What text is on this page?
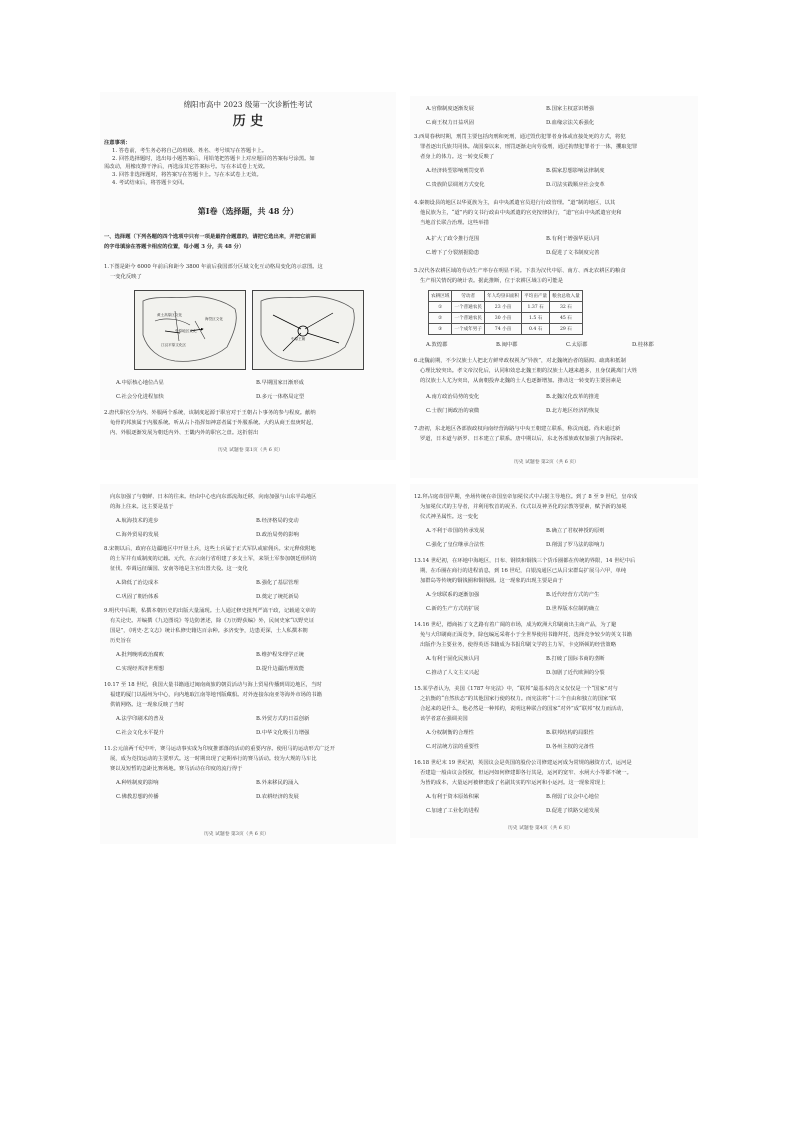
绵阳市高中 2023 级第一次诊断性考试
历 史
注意事项：
1. 答卷前，考生务必将自己的班级、姓名、考号填写在答题卡上。
2. 回答选择题时，选出每小题答案后，用铅笔把答题卡上对应题目的答案标号涂黑。如
需改动，用橡皮擦干净后，再选涂其它答案标号。写在本试卷上无效。
3. 回答非选择题时，将答案写在答题卡上。写在本试卷上无效。
4. 考试结束后，将答题卡交回。
第Ⅰ卷（选择题，共 48 分）
一、选择题（下列各题的四个选项中只有一项是最符合题意的，请把它选出来，并把它前面
的字母填涂在答题卡相应的位置，每小题 3 分，共 48 分）
1.下图是距今 6000 年前后和距今 3800 年前后我国部分区域文化互动格局变化的示意图。这
一变化反映了
黄土高原区文化
中原地区文化
海岱区文化
江汉平原文化区
中原王朝
A.中原核心地位凸显	B.早期国家日渐形成
C.社会分化进程加快	D.多元一体格局定型
2.唐代职官分为内、外服两个系统，该制度起源于职官对于王朝占卜事务的参与程度。献纳
龟骨的邦族属于内服系统。听从占卜指挥知神意者属于外服系统。大约从商王盘庚时起，
内、外服逐渐发展为朝廷内外、王畿内外的职官之盘。这折射出
历史 试题卷 第1页（共 6 页）
A.官僚制度逐渐发展	B.国家主权意识增强
C.商王权力日益巩固	D.血缘宗法关系强化
3.西周春秋时期，刑罚主要包括肉刑和死刑，通过毁伤犯罪者身体或直接处死的方式，将犯
罪者逐出氏族共同体。战国秦以来，刑罚逐渐走向劳役刑，通过拘禁犯罪者于一体，攫取犯罪
者身上的体力。这一转变反映了
A.经济转型影响刑罚变革	B.儒家思想影响法律制度
C.贵族阶层调剂方式变化	D.司法实践顺应社会变革
4.秦朝设县的地区以华夏族为主，由中央派遣官员进行行政管理。“道”制的地区，以其
他民族为主，“道”内的文书行政由中央派遣的官吏按律执行，“道”官由中央派遣官吏和
当地首长联合治理。这些举措
A.扩大了政令推行范围	B.有利于增强华夏认同
C.增下了分裂割据隐患	D.促进了文书制度完善
5.汉代各农耕区域的劳动生产率存在明显不同。下表为汉代中原、南方、西北农耕区的粮食
生产相关情况的统计表。据此推断，位于农耕区域③的可能是
农耕区域	劳动者	年人均垦田面积	平均亩产量	粮食总收入量
①	一个普通农民	23 小亩	1.37 石	32 石
②	一个普通农民	30 小亩	1.5 石	45 石
③	一个成年男子	74 小亩	0.4 石	29 石
A.敦煌郡	B.闽中郡	C.太原郡	D.桂林郡
6.北魏前期，不少汉族士人把北方鲜卑政权视为“异族”，对北魏统治者的隔阂、疏离和抵制
心理比较突出。孝文帝汉化后，认同和效忠北魏王朝的汉族士人越来越多，且身仅跳离门大姓
的汉族士人尤为突出，从南朝投奔北魏的士人也逐渐增加。推动这一转变的主要因素是
A.南方政治局势的变化	B.北魏汉化改革的推进
C.士族门阀政治的衰微	D.北方地区经济的恢复
7.唐初，东北地区各部族政权向南经营海路与中央王朝建立联系，称贡而道。尚未通过新
罗道，日本道与新罗、日本建立了联系。唐中期以后，东北各部族政权加强了内海探索。
历史 试题卷 第2页（共 6 页）
向东加强了与朝鲜、日本的往来。经由中心也向东部流海迁移，向南加强与山东半岛地区
的海上往来。这主要是基于
A.航海技术的进步	B.经济格局的变动
C.海外贸易的发展	D.政治局势的影响
8.宋朝以后，政府在边疆地区中开垦土兵，这些土兵属于正式军队或雇佣兵。宋元释依附地
的土军并有成制度的记载。元代，在云南行省组建了多支土军，来领土军参加朝廷组织的
征伐、奉调远征缅国、安南等地是主官出置夫役。这一变化
A.降低了治边成本	B.强化了基层管理
C.巩固了朝治体系	D.奠定了统托新局
9.明代中后期，私撰本朝历史的出版大量涌现。士人通过修史批判严嵩干政，记载通文章的
有关论史。并编撰《九边图说》等边防著述，除《万历野获编》外，民间史家“以野史证
国是”，《明史·艺文志》统计私修史籍达百余种。多济变争，边患更深，士人私撰本朝
历史旨在
A.批判晚明政治腐败	B.维护程朱理学正统
C.实现经邦济世理想	D.提升边疆治理效能
10.17 至 18 世纪，我国大量书籍通过闽南商旅的朝贡活动与海上贸易传播到周边地区，当时
福建的厦门以福州为中心，向内地取江南等地刊版藏船。对外连接东南亚等海外市场的书籍
供销网络。这一现象反映了当时
A.法学印刷术的普及	B.外贸方式的日益创新
C.社会文化水平提升	D.中华文化吸引力增强
11.公元前两千纪中叶，赛马运动事实成为印度推部落的活动的重要内容。使用马的运动形式广泛开
展，成为竞技运动的主要形式。这一时期出现了定期举行的赛马活动。较为大规的马车比
赛以及短暂的急距比赛场地。赛马活动在印度的流行得于
A.种姓制度的影响	B.外来移民的涌入
C.佛教思想的传播	D.农耕经济的发展
历史 试题卷 第3页（共 6 页）
12.拜占庭帝国早期，坐场传统在帝国皇帝加冕仪式中占据主导地位。到了 8 至 9 世纪，皇帝成
为加冕仪式的主导者，并利用牧首的祝圣、仪式以及神圣化的宗教等要素，赋予新的加冕
仪式神圣属性。这一变化
A.不利于帝国的传承发展	B.确立了君权神授的原则
C.强化了皇位继承合法性	D.削弱了罗马法的影响力
13.14 世纪初，在环地中海地区，日布、钢铁和铜钱三个货币圈都在传统的界限，14 世纪中后
期，在币圈在商行的进程消息，到 16 世纪，白银流通区已从吕宋群岛扩展马六甲，单纯
加群岛等传统的铜钱圈和铜钱圈。这一现象的出现主要是由于
A.全球联系的逐渐加强	B.近代经营方式的产生
C.新的生产方式的扩展	D.世界版本位制的确立
14.16 世纪，德商拓了文艺路有着广阔的市场，成为欧洲大印刷商出主商产品，为了避
免与大印刷商正面竞争，除包编远采将小于全世界使用书籍拜托，选择竞争较少的英文书籍
出版作为主要业务，使得英语书籍成为书报印刷文学的主力军，卡克斯顿的经营策略
A.有利于固化民族认同	B.打破了国际书商的垄断
C.推动了人文主义兴起	D.加剧了近代欧洲的分裂
15.某学者认为，美国《1787 年宪法》中，“联邦”最基本的含义仅仅是一个“国家”对与
之抗衡的“自然状态”的其他国家行使的权力。而宪法将“十三个自由和独立的国家”联
合起来的是什么，他必然是一种邦约，说明这种联合的国家“对外”成“联邦”权力而活动，
该学者意在强调美国
A.分权制衡的合理性	B.联邦结构的局限性
C.对法统方法的重要性	D.各州主权的完备性
16.18 世纪末 19 世纪初，英国议会是英国的股份公司修建运河成为常规的融资方式，运河是
否建造一般由议会授权，但运河如何修建即各行其是，运河的宽窄、水闸大小等都不统一。
为皆的成本，大量运河被修建成了名副其实的窄运河和小运河。这一现象常现上
A.有利于资本原始积累	B.削弱了议会中心地位
C.加速了工业化的进程	D.促进了铁路交通发展
历史 试题卷 第4页（共 6 页）
